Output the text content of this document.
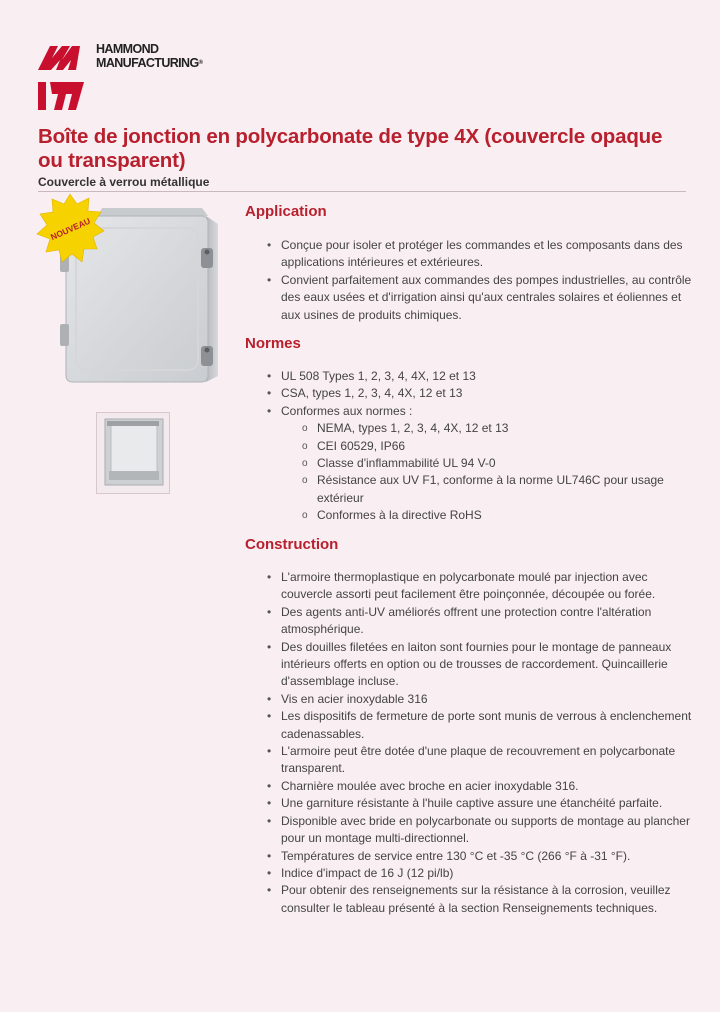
HAMMOND
MANUFACTURING®
Boîte de jonction en polycarbonate de type 4X (couvercle opaque ou transparent)
Couvercle à verrou métallique
NOUVEAU
Application
• Conçue pour isoler et protéger les commandes et les composants dans des applications intérieures et extérieures.
• Convient parfaitement aux commandes des pompes industrielles, au contrôle des eaux usées et d'irrigation ainsi qu'aux centrales solaires et éoliennes et aux usines de produits chimiques.
Normes
• UL 508 Types 1, 2, 3, 4, 4X, 12 et 13
• CSA, types 1, 2, 3, 4, 4X, 12 et 13
• Conformes aux normes :
o NEMA, types 1, 2, 3, 4, 4X, 12 et 13
o CEI 60529, IP66
o Classe d'inflammabilité UL 94 V-0
o Résistance aux UV F1, conforme à la norme UL746C pour usage extérieur
o Conformes à la directive RoHS
Construction
• L'armoire thermoplastique en polycarbonate moulé par injection avec couvercle assorti peut facilement être poinçonnée, découpée ou forée.
• Des agents anti-UV améliorés offrent une protection contre l'altération atmosphérique.
• Des douilles filetées en laiton sont fournies pour le montage de panneaux intérieurs offerts en option ou de trousses de raccordement. Quincaillerie d'assemblage incluse.
• Vis en acier inoxydable 316
• Les dispositifs de fermeture de porte sont munis de verrous à enclenchement cadenassables.
• L'armoire peut être dotée d'une plaque de recouvrement en polycarbonate transparent.
• Charnière moulée avec broche en acier inoxydable 316.
• Une garniture résistante à l'huile captive assure une étanchéité parfaite.
• Disponible avec bride en polycarbonate ou supports de montage au plancher pour un montage multi-directionnel.
• Températures de service entre 130 °C et -35 °C (266 °F à -31 °F).
• Indice d'impact de 16 J (12 pi/lb)
• Pour obtenir des renseignements sur la résistance à la corrosion, veuillez consulter le tableau présenté à la section Renseignements techniques.
